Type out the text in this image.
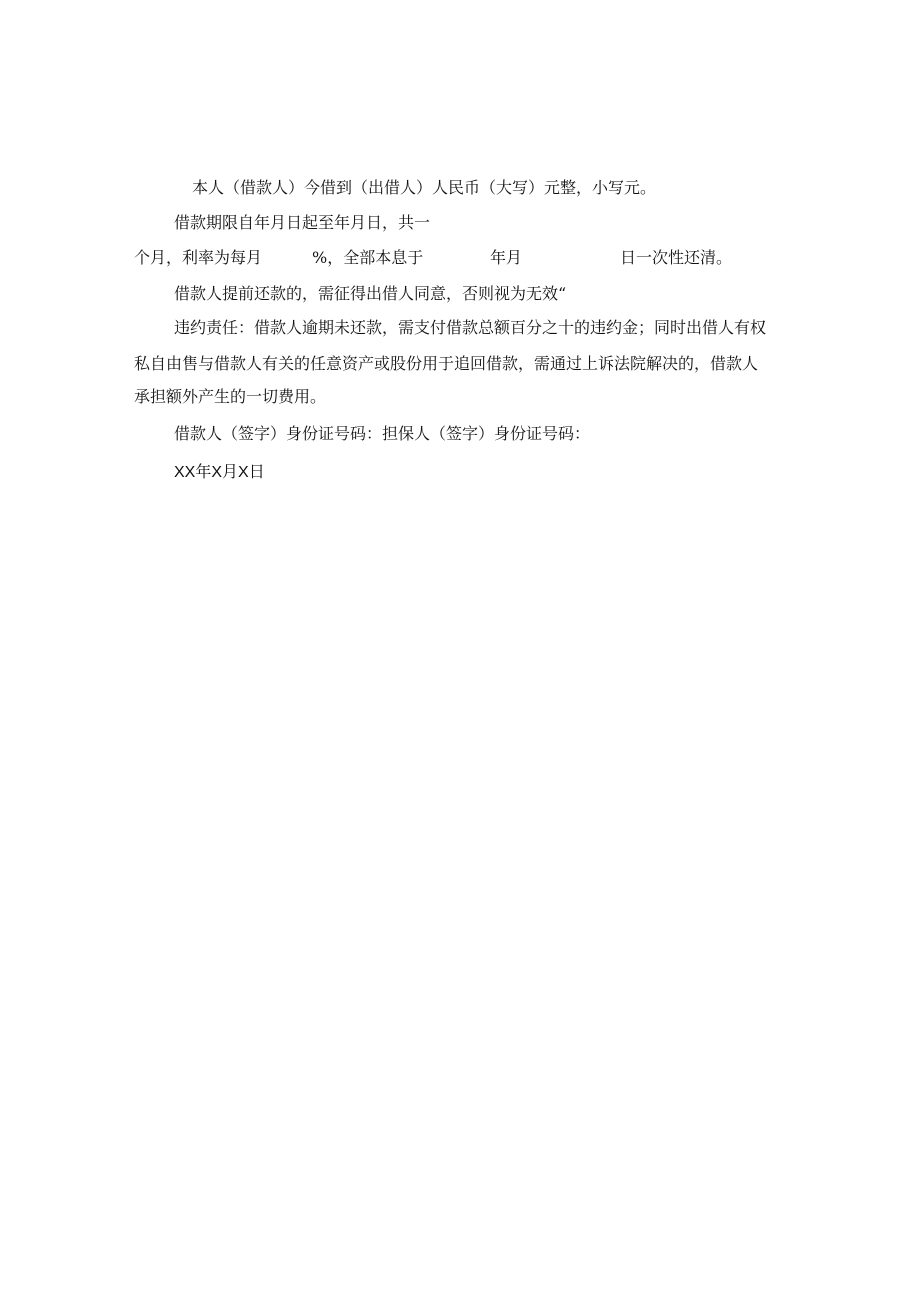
本人（借款人）今借到（出借人）人民币（大写）元整，小写元。
借款期限自年月日起至年月日，共一
个月，利率为每月	%，全部本息于	年月	日一次性还清。
借款人提前还款的，需征得出借人同意，否则视为无效“
违约责任：借款人逾期未还款，需支付借款总额百分之十的违约金；同时出借人有权
私自由售与借款人有关的任意资产或股份用于追回借款，需通过上诉法院解决的，借款人
承担额外产生的一切费用。
借款人（签字）身份证号码：担保人（签字）身份证号码：
XX年X月X日
